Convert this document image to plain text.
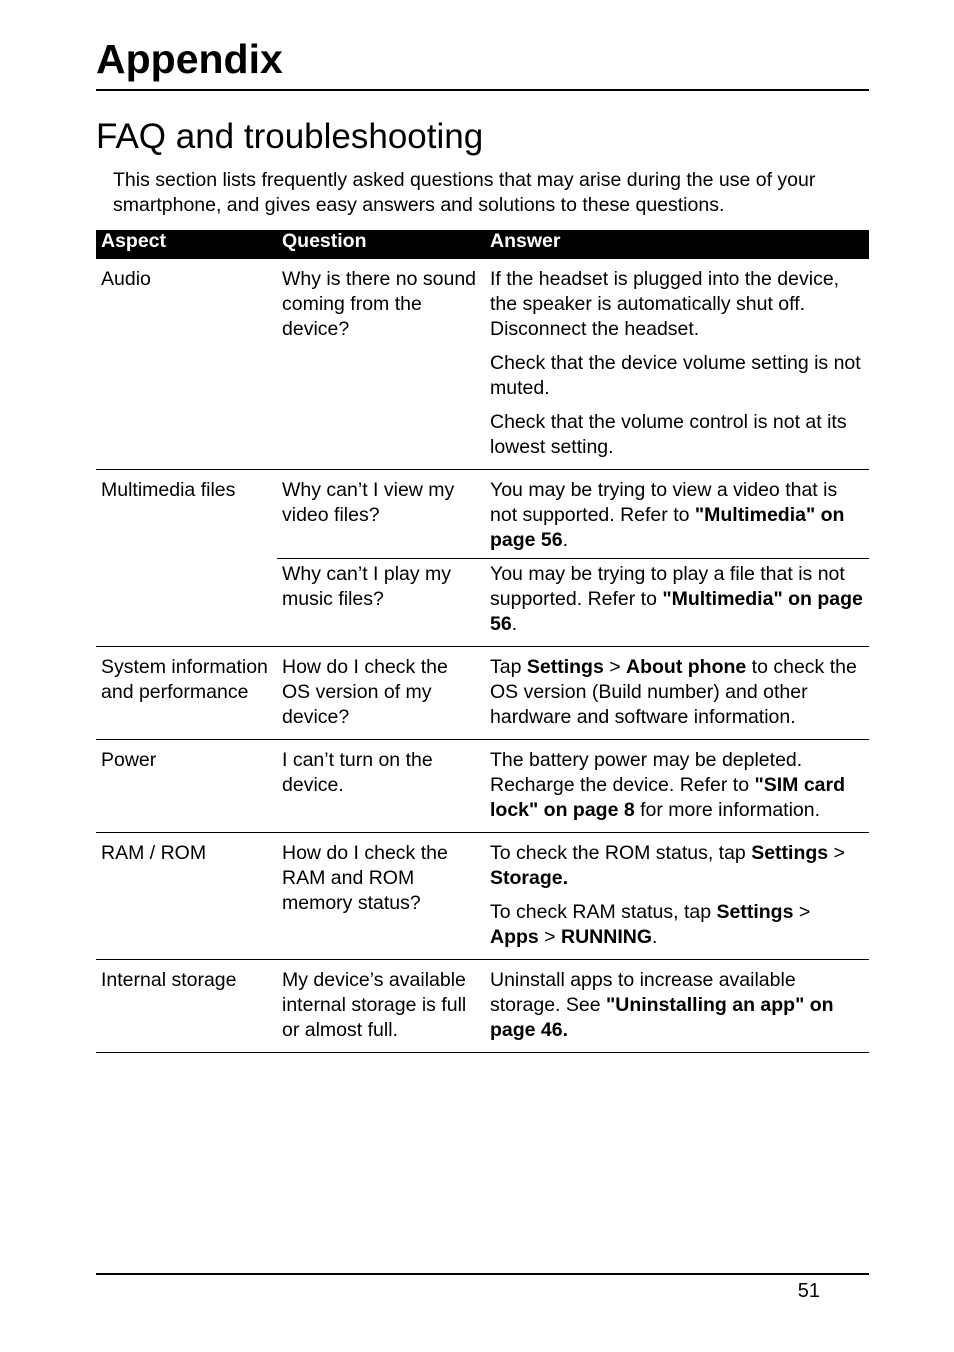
Appendix
FAQ and troubleshooting

This section lists frequently asked questions that may arise during the use of your smartphone, and gives easy answers and solutions to these questions.

Aspect	Question	Answer
Audio	Why is there no sound coming from the device?	If the headset is plugged into the device, the speaker is automatically shut off. Disconnect the headset.

Check that the device volume setting is not muted.

Check that the volume control is not at its lowest setting.

Multimedia files	Why can’t I view my video files?	You may be trying to view a video that is not supported. Refer to "Multimedia" on page 56.

	Why can’t I play my music files?	You may be trying to play a file that is not supported. Refer to "Multimedia" on page 56.

System information and performance	How do I check the OS version of my device?	Tap Settings > About phone to check the OS version (Build number) and other hardware and software information.

Power	I can’t turn on the device.	The battery power may be depleted. Recharge the device. Refer to "SIM card lock" on page 8 for more information.

RAM / ROM	How do I check the RAM and ROM memory status?	To check the ROM status, tap Settings > Storage.

To check RAM status, tap Settings > Apps > RUNNING.

Internal storage	My device’s available internal storage is full or almost full.	Uninstall apps to increase available storage. See "Uninstalling an app" on page 46.

51
